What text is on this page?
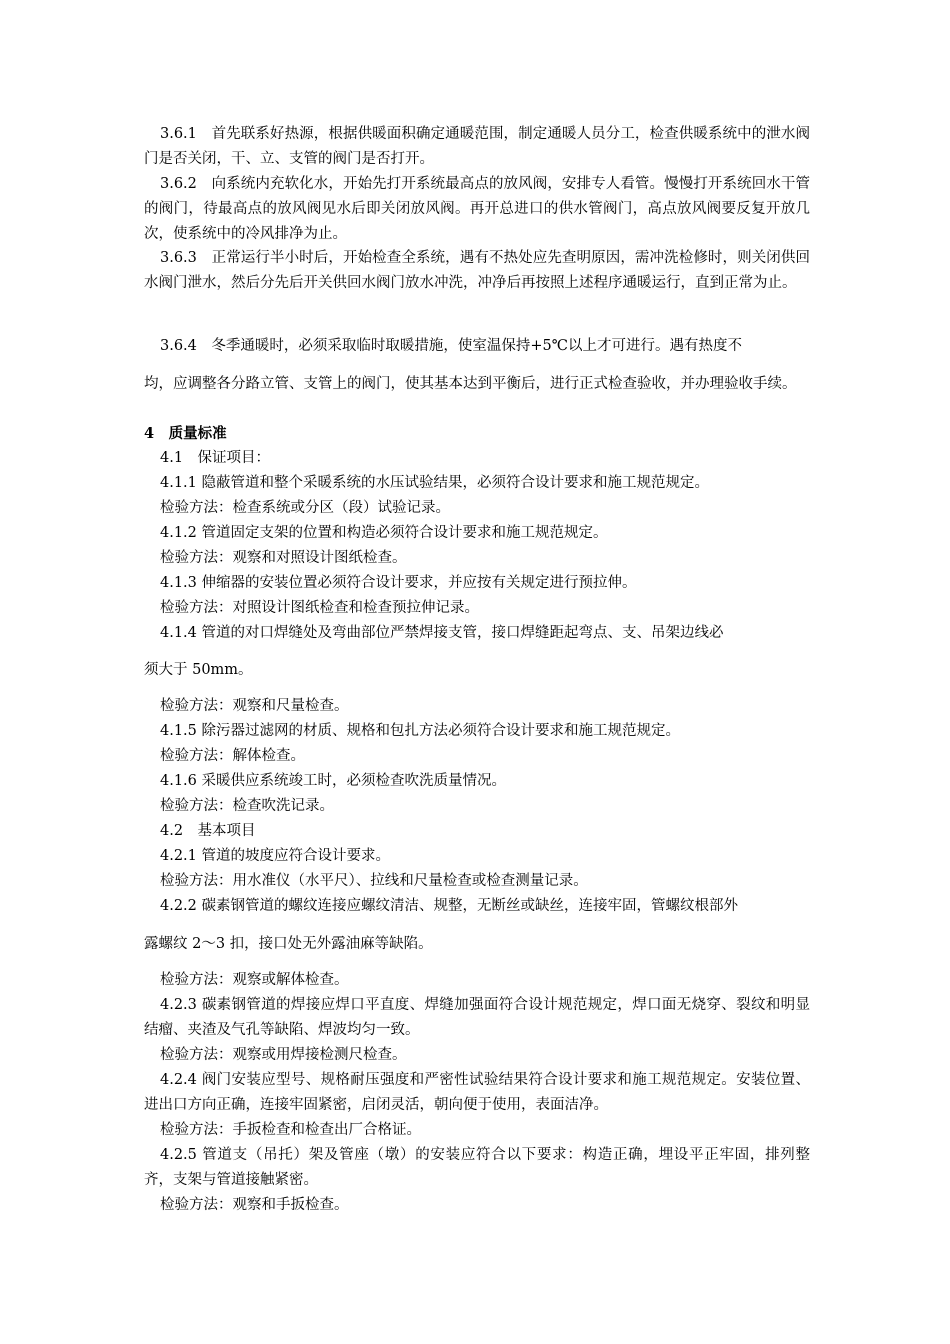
3.6.1　首先联系好热源，根据供暖面积确定通暖范围，制定通暖人员分工，检查供暖系统中的泄水阀门是否关闭，干、立、支管的阀门是否打开。

3.6.2　向系统内充软化水，开始先打开系统最高点的放风阀，安排专人看管。慢慢打开系统回水干管的阀门，待最高点的放风阀见水后即关闭放风阀。再开总进口的供水管阀门，高点放风阀要反复开放几次，使系统中的冷风排净为止。

3.6.3　正常运行半小时后，开始检查全系统，遇有不热处应先查明原因，需冲洗检修时，则关闭供回水阀门泄水，然后分先后开关供回水阀门放水冲洗，冲净后再按照上述程序通暖运行，直到正常为止。

3.6.4　冬季通暖时，必须采取临时取暖措施，使室温保持+5℃以上才可进行。遇有热度不

均，应调整各分路立管、支管上的阀门，使其基本达到平衡后，进行正式检查验收，并办理验收手续。

4　质量标准

4.1　保证项目：

4.1.1 隐蔽管道和整个采暖系统的水压试验结果，必须符合设计要求和施工规范规定。

检验方法：检查系统或分区（段）试验记录。

4.1.2 管道固定支架的位置和构造必须符合设计要求和施工规范规定。

检验方法：观察和对照设计图纸检查。

4.1.3 伸缩器的安装位置必须符合设计要求，并应按有关规定进行预拉伸。

检验方法：对照设计图纸检查和检查预拉伸记录。

4.1.4 管道的对口焊缝处及弯曲部位严禁焊接支管，接口焊缝距起弯点、支、吊架边线必

须大于 50mm。

检验方法：观察和尺量检查。

4.1.5 除污器过滤网的材质、规格和包扎方法必须符合设计要求和施工规范规定。

检验方法：解体检查。

4.1.6 采暖供应系统竣工时，必须检查吹洗质量情况。

检验方法：检查吹洗记录。

4.2　基本项目

4.2.1 管道的坡度应符合设计要求。

检验方法：用水准仪（水平尺）、拉线和尺量检查或检查测量记录。

4.2.2 碳素钢管道的螺纹连接应螺纹清洁、规整，无断丝或缺丝，连接牢固，管螺纹根部外

露螺纹 2～3 扣，接口处无外露油麻等缺陷。

检验方法：观察或解体检查。

4.2.3 碳素钢管道的焊接应焊口平直度、焊缝加强面符合设计规范规定，焊口面无烧穿、裂纹和明显结瘤、夹渣及气孔等缺陷、焊波均匀一致。

检验方法：观察或用焊接检测尺检查。

4.2.4 阀门安装应型号、规格耐压强度和严密性试验结果符合设计要求和施工规范规定。安装位置、进出口方向正确，连接牢固紧密，启闭灵活，朝向便于使用，表面洁净。

检验方法：手扳检查和检查出厂合格证。

4.2.5 管道支（吊托）架及管座（墩）的安装应符合以下要求：构造正确，埋设平正牢固，排列整齐，支架与管道接触紧密。

检验方法：观察和手扳检查。
